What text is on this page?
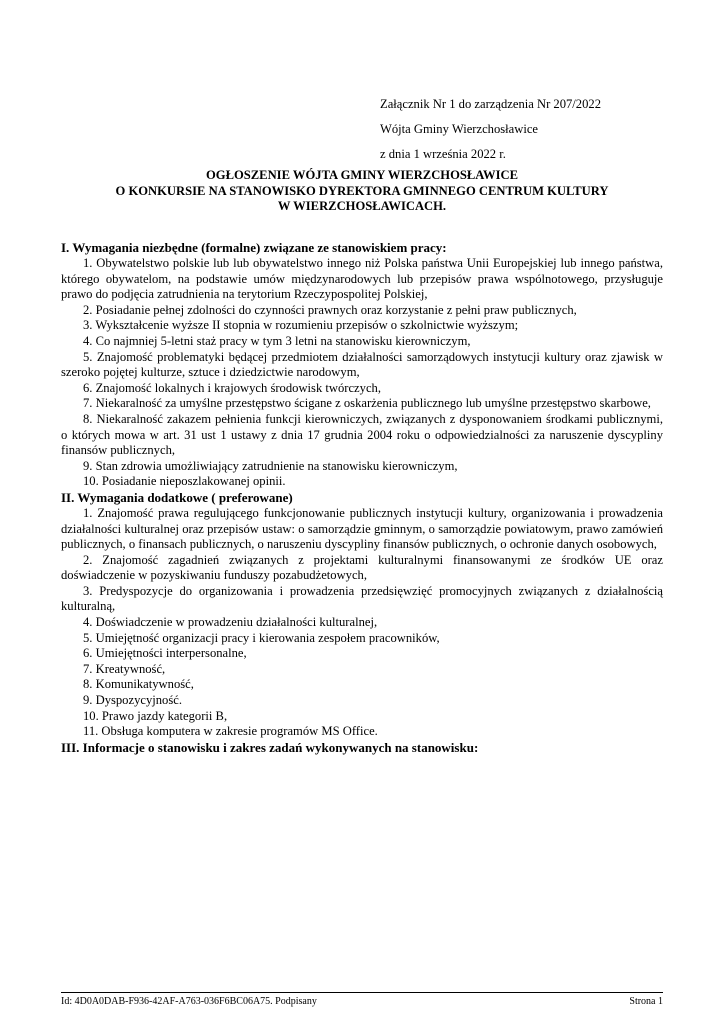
Załącznik Nr 1 do zarządzenia Nr 207/2022
Wójta Gminy Wierzchosławice
z dnia 1 września 2022 r.
OGŁOSZENIE WÓJTA GMINY WIERZCHOSŁAWICE
O KONKURSIE NA STANOWISKO DYREKTORA GMINNEGO CENTRUM KULTURY
W WIERZCHOSŁAWICACH.

I. Wymagania niezbędne (formalne) związane ze stanowiskiem pracy:

1. Obywatelstwo polskie lub lub obywatelstwo innego niż Polska państwa Unii Europejskiej lub innego państwa, którego obywatelom, na podstawie umów międzynarodowych lub przepisów prawa wspólnotowego, przysługuje prawo do podjęcia zatrudnienia na terytorium Rzeczypospolitej Polskiej,

2. Posiadanie pełnej zdolności do czynności prawnych oraz korzystanie z pełni praw publicznych,

3. Wykształcenie wyższe II stopnia w rozumieniu przepisów o szkolnictwie wyższym;

4. Co najmniej 5-letni staż pracy w tym 3 letni na stanowisku kierowniczym,

5. Znajomość problematyki będącej przedmiotem działalności samorządowych instytucji kultury oraz zjawisk w szeroko pojętej kulturze, sztuce i dziedzictwie narodowym,

6. Znajomość lokalnych i krajowych środowisk twórczych,

7. Niekaralność za umyślne przestępstwo ścigane z oskarżenia publicznego lub umyślne przestępstwo skarbowe,

8. Niekaralność zakazem pełnienia funkcji kierowniczych, związanych z dysponowaniem środkami publicznymi, o których mowa w art. 31 ust 1 ustawy z dnia 17 grudnia 2004 roku o odpowiedzialności za naruszenie dyscypliny finansów publicznych,

9. Stan zdrowia umożliwiający zatrudnienie na stanowisku kierowniczym,

10. Posiadanie nieposzlakowanej opinii.

II. Wymagania dodatkowe ( preferowane)

1. Znajomość prawa regulującego funkcjonowanie publicznych instytucji kultury, organizowania i prowadzenia działalności kulturalnej oraz przepisów ustaw: o samorządzie gminnym, o samorządzie powiatowym, prawo zamówień publicznych, o finansach publicznych, o naruszeniu dyscypliny finansów publicznych, o ochronie danych osobowych,

2. Znajomość zagadnień związanych z projektami kulturalnymi finansowanymi ze środków UE oraz doświadczenie w pozyskiwaniu funduszy pozabudżetowych,

3. Predyspozycje do organizowania i prowadzenia przedsięwzięć promocyjnych związanych z działalnością kulturalną,

4. Doświadczenie w prowadzeniu działalności kulturalnej,

5. Umiejętność organizacji pracy i kierowania zespołem pracowników,

6. Umiejętności interpersonalne,

7. Kreatywność,

8. Komunikatywność,

9. Dyspozycyjność.

10. Prawo jazdy kategorii B,

11. Obsługa komputera w zakresie programów MS Office.

III. Informacje o stanowisku i zakres zadań wykonywanych na stanowisku:

Id: 4D0A0DAB-F936-42AF-A763-036F6BC06A75. Podpisany	Strona 1
